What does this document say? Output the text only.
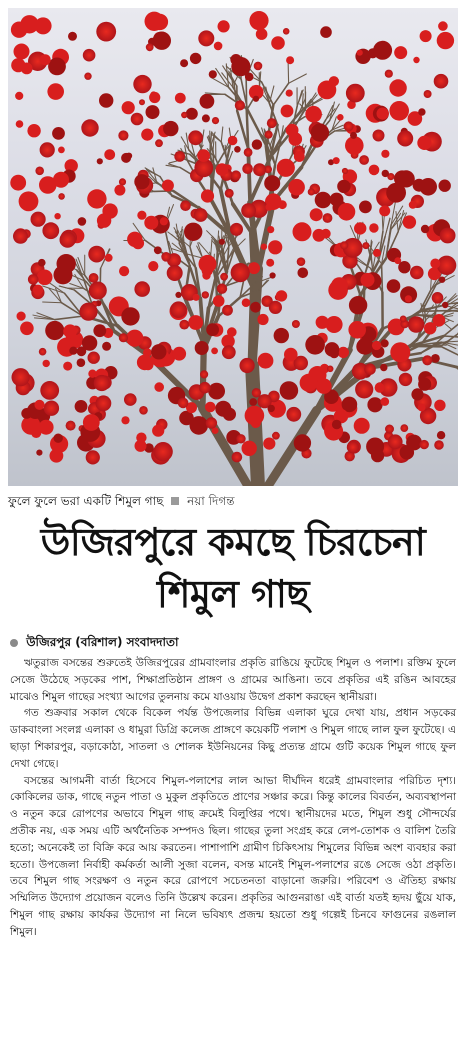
ফুলে ফুলে ভরা একটি শিমুল গাছ নয়া দিগন্ত
উজিরপুরে কমছে চিরচেনা
শিমুল গাছ
উজিরপুর (বরিশাল) সংবাদদাতা

ঋতুরাজ বসন্তের শুরুতেই উজিরপুরের গ্রামবাংলার প্রকৃতি রাঙিয়ে ফুটেছে শিমুল ও পলাশ। রক্তিম ফুলে সেজে উঠেছে সড়কের পাশ, শিক্ষাপ্রতিষ্ঠান প্রাঙ্গণ ও গ্রামের আঙিনা। তবে প্রকৃতির এই রঙিন আবহের মাঝেও শিমুল গাছের সংখ্যা আগের তুলনায় কমে যাওয়ায় উদ্বেগ প্রকাশ করছেন স্থানীয়রা।

গত শুক্রবার সকাল থেকে বিকেল পর্যন্ত উপজেলার বিভিন্ন এলাকা ঘুরে দেখা যায়, প্রধান সড়কের ডাকবাংলা সংলগ্ন এলাকা ও ধামুরা ডিগ্রি কলেজ প্রাঙ্গণে কয়েকটি পলাশ ও শিমুল গাছে লাল ফুল ফুটেছে। এ ছাড়া শিকারপুর, বড়াকোঠা, সাতলা ও শোলক ইউনিয়নের কিছু প্রত্যন্ত গ্রামে গুটি কয়েক শিমুল গাছে ফুল দেখা গেছে।

বসন্তের আগমনী বার্তা হিসেবে শিমুল-পলাশের লাল আভা দীর্ঘদিন ধরেই গ্রামবাংলার পরিচিত দৃশ্য। কোকিলের ডাক, গাছে নতুন পাতা ও মুকুল প্রকৃতিতে প্রাণের সঞ্চার করে। কিন্তু কালের বিবর্তন, অব্যবস্থাপনা ও নতুন করে রোপণের অভাবে শিমুল গাছ ক্রমেই বিলুপ্তির পথে। স্থানীয়দের মতে, শিমুল শুধু সৌন্দর্যের প্রতীক নয়, এক সময় এটি অর্থনৈতিক সম্পদও ছিল। গাছের তুলা সংগ্রহ করে লেপ-তোশক ও বালিশ তৈরি হতো; অনেকেই তা বিক্রি করে আয় করতেন। পাশাপাশি গ্রামীণ চিকিৎসায় শিমুলের বিভিন্ন অংশ ব্যবহার করা হতো। উপজেলা নির্বাহী কর্মকর্তা আলী সুজা বলেন, বসন্ত মানেই শিমুল-পলাশের রঙে সেজে ওঠা প্রকৃতি। তবে শিমুল গাছ সংরক্ষণ ও নতুন করে রোপণে সচেতনতা বাড়ানো জরুরি। পরিবেশ ও ঐতিহ্য রক্ষায় সম্মিলিত উদ্যোগ প্রয়োজন বলেও তিনি উল্লেখ করেন। প্রকৃতির আগুনরাঙা এই বার্তা যতই হৃদয় ছুঁয়ে যাক, শিমুল গাছ রক্ষায় কার্যকর উদ্যোগ না নিলে ভবিষ্যৎ প্রজন্ম হয়তো শুধু গল্পেই চিনবে ফাগুনের রঙলাল শিমুল।
